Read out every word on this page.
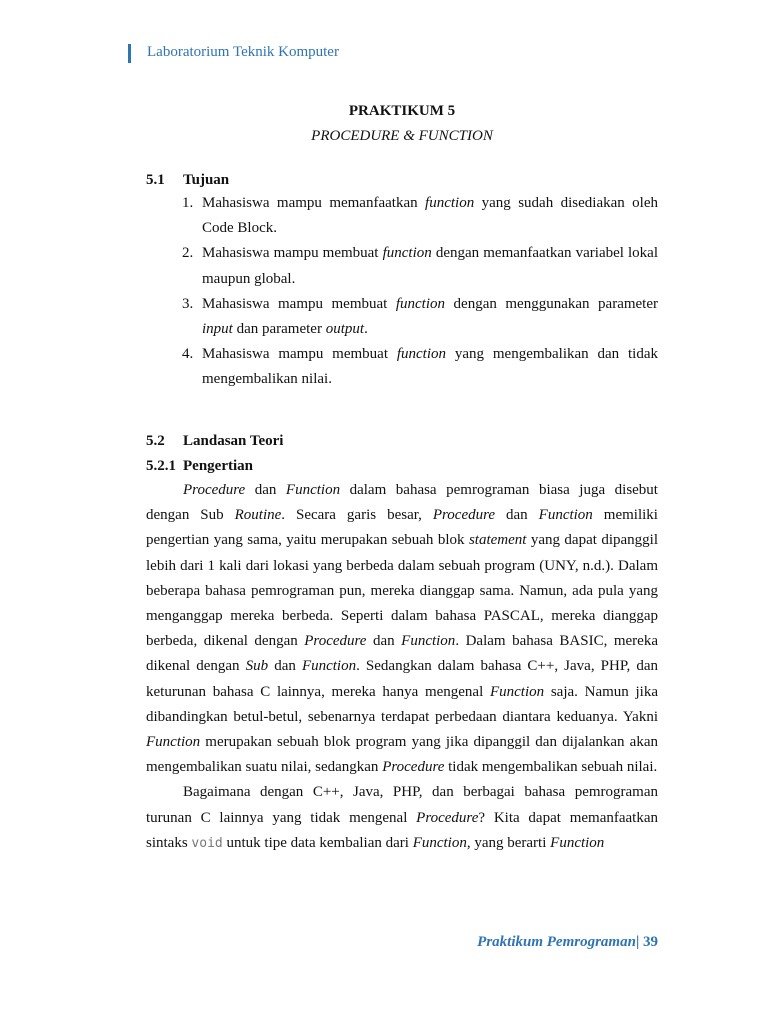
Laboratorium Teknik Komputer
PRAKTIKUM 5
PROCEDURE & FUNCTION
5.1 Tujuan
1. Mahasiswa mampu memanfaatkan function yang sudah disediakan oleh Code Block.
2. Mahasiswa mampu membuat function dengan memanfaatkan variabel lokal maupun global.
3. Mahasiswa mampu membuat function dengan menggunakan parameter input dan parameter output.
4. Mahasiswa mampu membuat function yang mengembalikan dan tidak mengembalikan nilai.
5.2 Landasan Teori
5.2.1 Pengertian

Procedure dan Function dalam bahasa pemrograman biasa juga disebut dengan Sub Routine. Secara garis besar, Procedure dan Function memiliki pengertian yang sama, yaitu merupakan sebuah blok statement yang dapat dipanggil lebih dari 1 kali dari lokasi yang berbeda dalam sebuah program (UNY, n.d.). Dalam beberapa bahasa pemrograman pun, mereka dianggap sama. Namun, ada pula yang menganggap mereka berbeda. Seperti dalam bahasa PASCAL, mereka dianggap berbeda, dikenal dengan Procedure dan Function. Dalam bahasa BASIC, mereka dikenal dengan Sub dan Function. Sedangkan dalam bahasa C++, Java, PHP, dan keturunan bahasa C lainnya, mereka hanya mengenal Function saja. Namun jika dibandingkan betul-betul, sebenarnya terdapat perbedaan diantara keduanya. Yakni Function merupakan sebuah blok program yang jika dipanggil dan dijalankan akan mengembalikan suatu nilai, sedangkan Procedure tidak mengembalikan sebuah nilai.

Bagaimana dengan C++, Java, PHP, dan berbagai bahasa pemrograman turunan C lainnya yang tidak mengenal Procedure? Kita dapat memanfaatkan sintaks void untuk tipe data kembalian dari Function, yang berarti Function

Praktikum Pemrograman| 39
